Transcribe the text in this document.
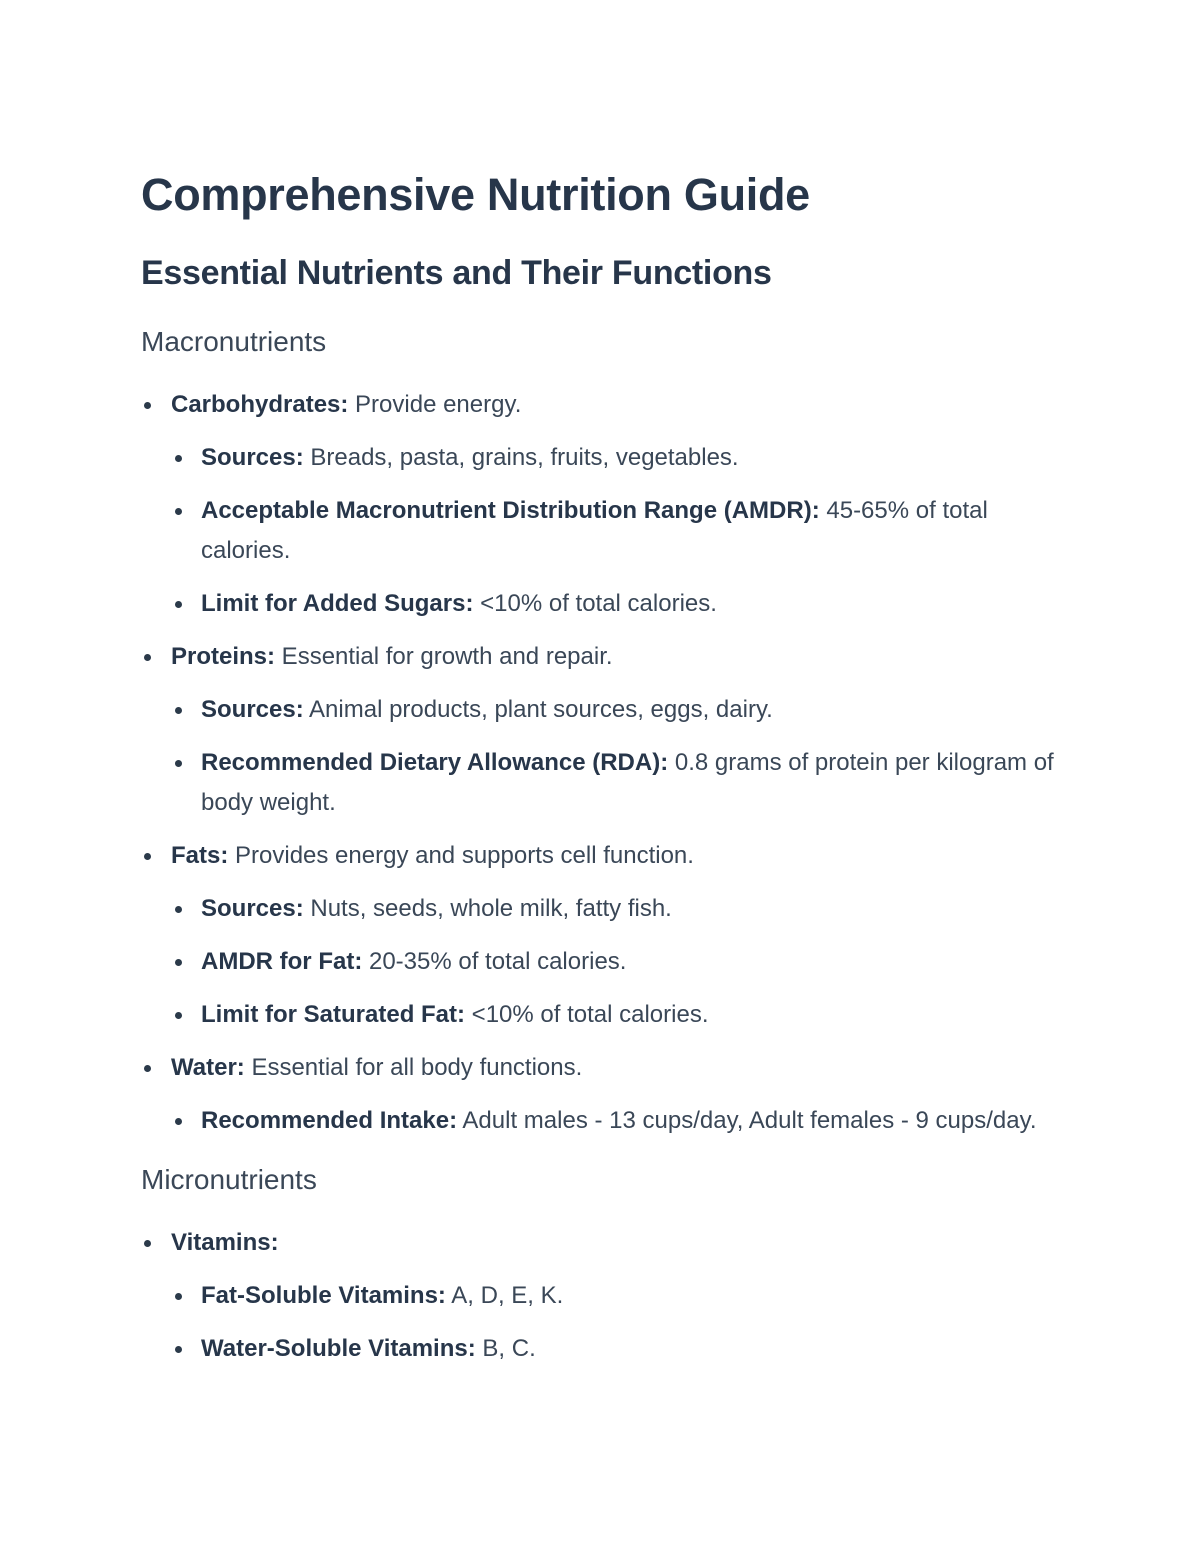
Comprehensive Nutrition Guide
Essential Nutrients and Their Functions
Macronutrients
Carbohydrates: Provide energy.
Sources: Breads, pasta, grains, fruits, vegetables.
Acceptable Macronutrient Distribution Range (AMDR): 45-65% of total calories.
Limit for Added Sugars: <10% of total calories.
Proteins: Essential for growth and repair.
Sources: Animal products, plant sources, eggs, dairy.
Recommended Dietary Allowance (RDA): 0.8 grams of protein per kilogram of body weight.
Fats: Provides energy and supports cell function.
Sources: Nuts, seeds, whole milk, fatty fish.
AMDR for Fat: 20-35% of total calories.
Limit for Saturated Fat: <10% of total calories.
Water: Essential for all body functions.
Recommended Intake: Adult males - 13 cups/day, Adult females - 9 cups/day.
Micronutrients
Vitamins:
Fat-Soluble Vitamins: A, D, E, K.
Water-Soluble Vitamins: B, C.
